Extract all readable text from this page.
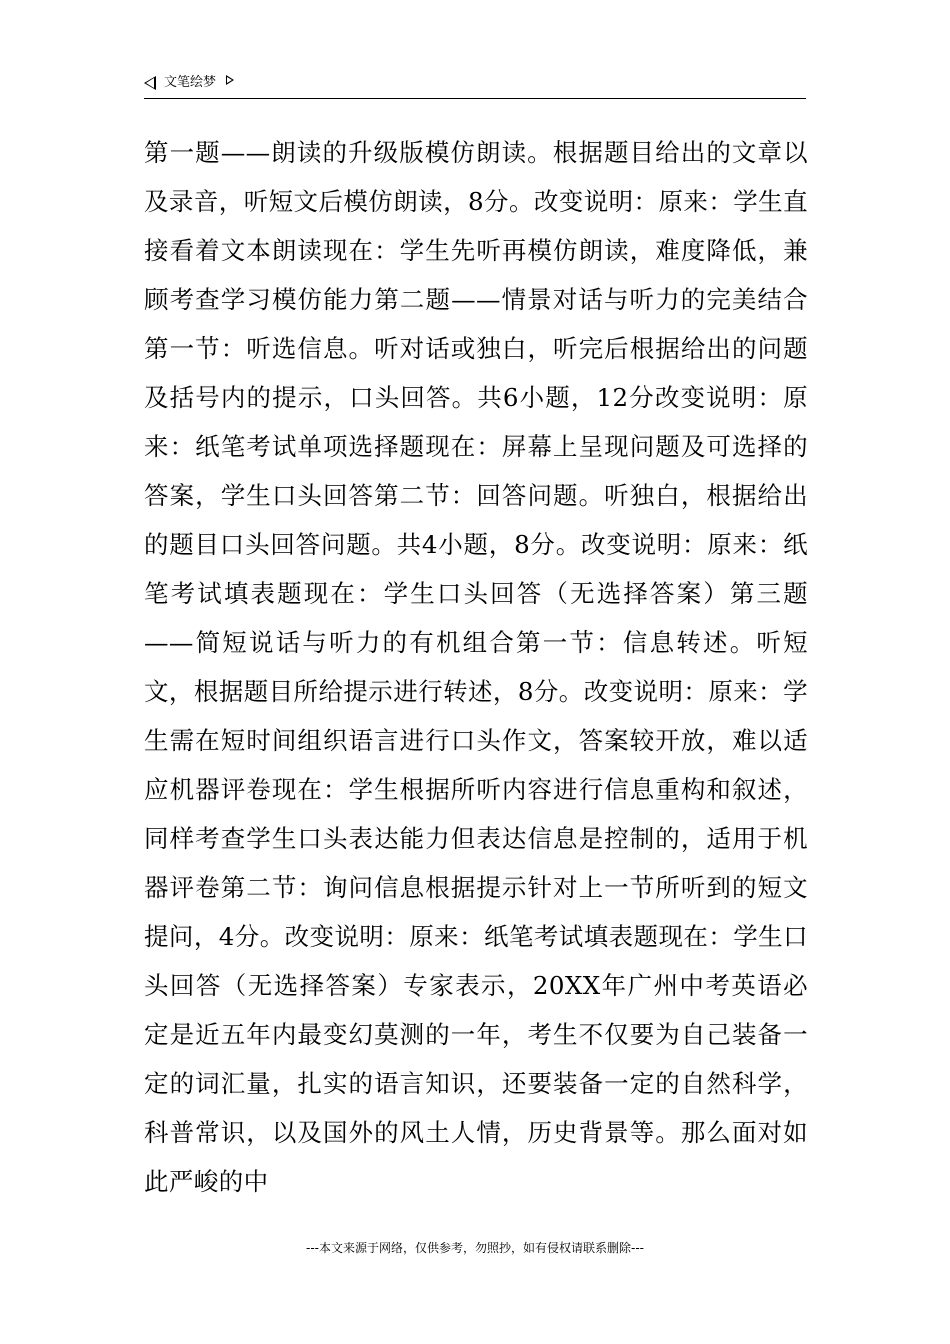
文笔绘梦

第一题——朗读的升级版模仿朗读。根据题目给出的文章以及录音，听短文后模仿朗读，8分。改变说明：原来：学生直接看着文本朗读现在：学生先听再模仿朗读，难度降低，兼顾考查学习模仿能力第二题——情景对话与听力的完美结合第一节：听选信息。听对话或独白，听完后根据给出的问题及括号内的提示，口头回答。共6小题，12分改变说明：原来：纸笔考试单项选择题现在：屏幕上呈现问题及可选择的答案，学生口头回答第二节：回答问题。听独白，根据给出的题目口头回答问题。共4小题，8分。改变说明：原来：纸笔考试填表题现在：学生口头回答（无选择答案）第三题——简短说话与听力的有机组合第一节：信息转述。听短文，根据题目所给提示进行转述，8分。改变说明：原来：学生需在短时间组织语言进行口头作文，答案较开放，难以适应机器评卷现在：学生根据所听内容进行信息重构和叙述，同样考查学生口头表达能力但表达信息是控制的，适用于机器评卷第二节：询问信息根据提示针对上一节所听到的短文提问，4分。改变说明：原来：纸笔考试填表题现在：学生口头回答（无选择答案）专家表示，20XX年广州中考英语必定是近五年内最变幻莫测的一年，考生不仅要为自己装备一定的词汇量，扎实的语言知识，还要装备一定的自然科学，科普常识，以及国外的风土人情，历史背景等。那么面对如此严峻的中

---本文来源于网络，仅供参考，勿照抄，如有侵权请联系删除---
